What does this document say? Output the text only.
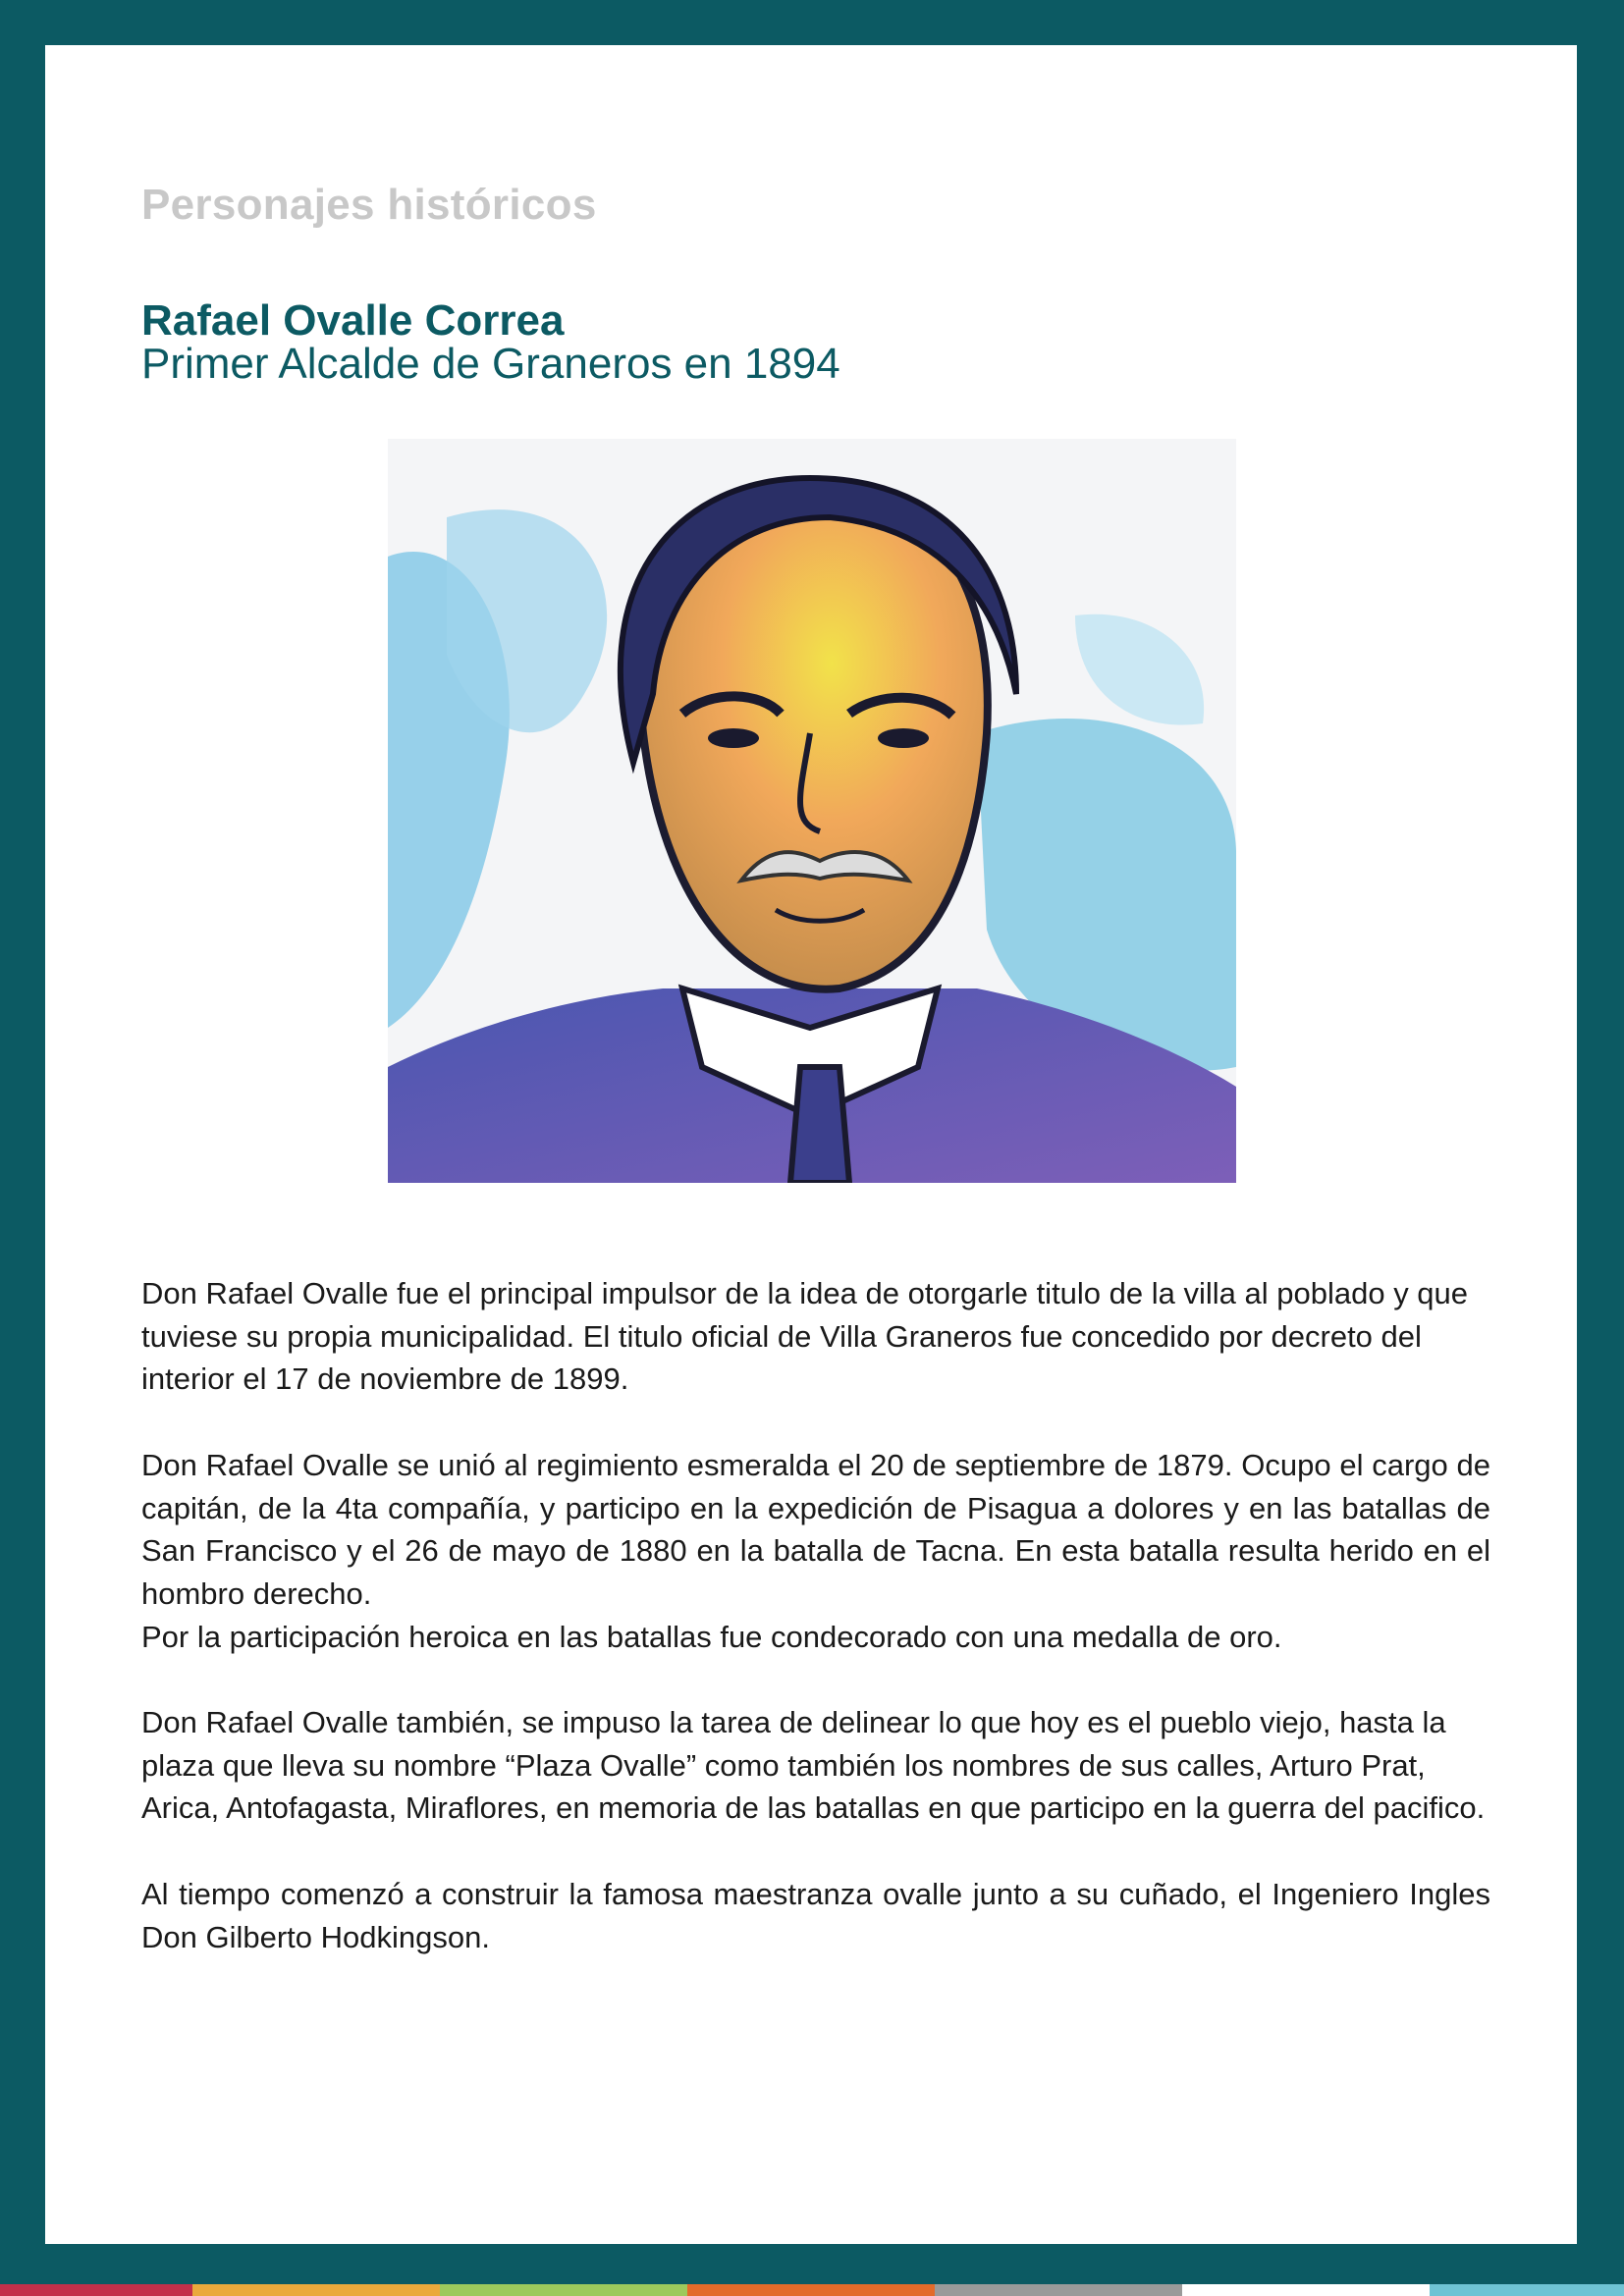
Personajes históricos
Rafael Ovalle Correa
Primer Alcalde de Graneros en 1894

Don Rafael Ovalle fue el principal impulsor de la idea de otorgarle titulo de la villa al poblado y que tuviese su propia municipalidad. El titulo oficial de Villa Graneros fue concedido por decreto del interior el 17 de noviembre de 1899.

Don Rafael Ovalle se unió al regimiento esmeralda el 20 de septiembre de 1879. Ocupo el cargo de capitán, de la 4ta compañía, y participo en la expedición de Pisagua a dolores y en las batallas de San Francisco y el 26 de mayo de 1880 en la batalla de Tacna. En esta batalla resulta herido en el hombro derecho.

Por la participación heroica en las batallas fue condecorado con una medalla de oro.

Don Rafael Ovalle también, se impuso la tarea de delinear lo que hoy es el pueblo viejo, hasta la plaza que lleva su nombre “Plaza Ovalle” como también los nombres de sus calles, Arturo Prat, Arica, Antofagasta, Miraflores, en memoria de las batallas en que participo en la guerra del pacifico.

Al tiempo comenzó a construir la famosa maestranza ovalle junto a su cuñado, el Ingeniero Ingles Don Gilberto Hodkingson.
